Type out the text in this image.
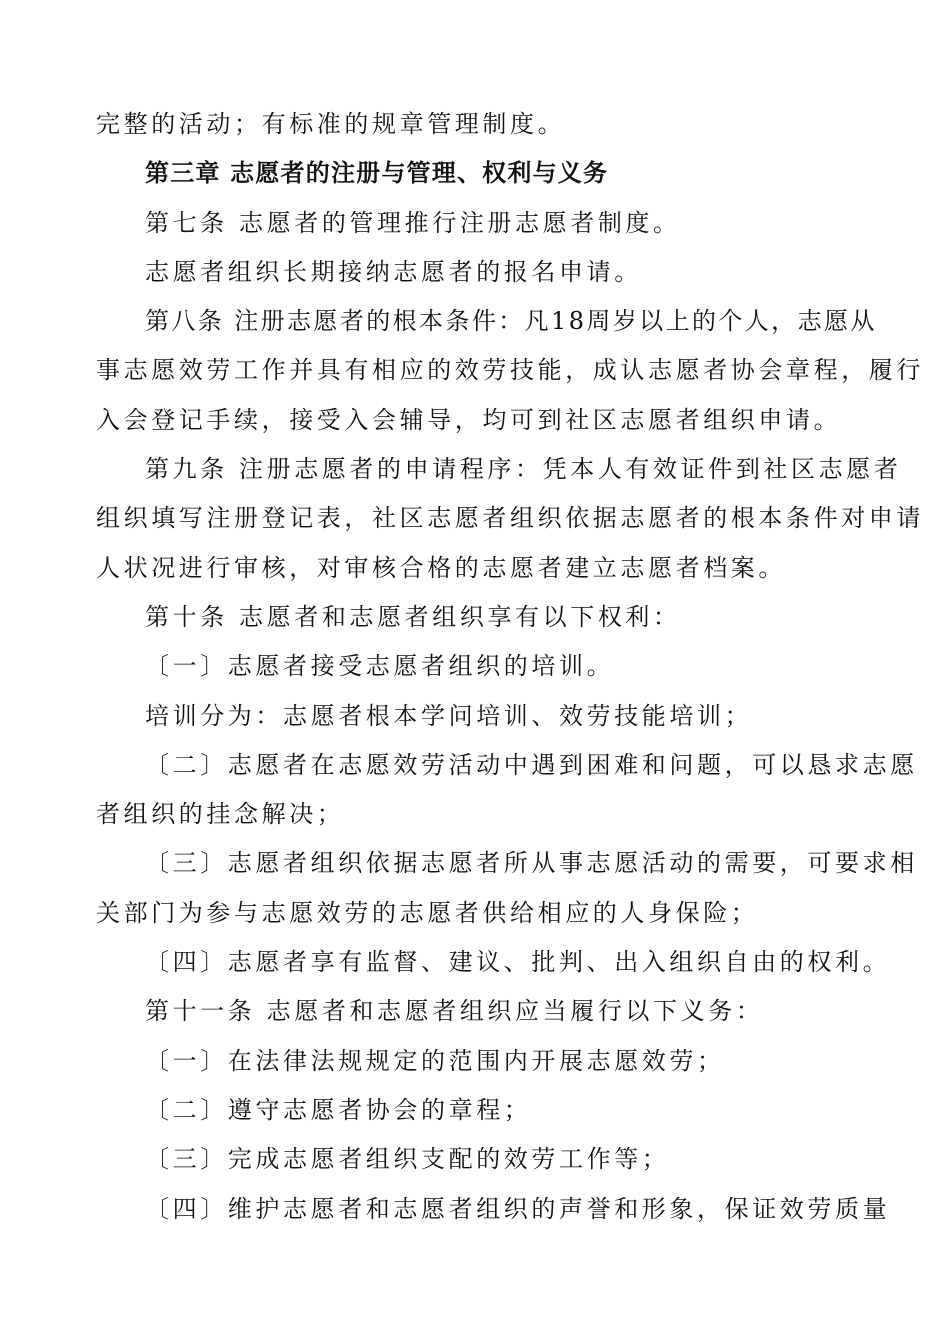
完整的活动；有标准的规章管理制度。
第三章 志愿者的注册与管理、权利与义务
第七条 志愿者的管理推行注册志愿者制度。
志愿者组织长期接纳志愿者的报名申请。
第八条 注册志愿者的根本条件：凡18周岁以上的个人，志愿从
事志愿效劳工作并具有相应的效劳技能，成认志愿者协会章程，履行
入会登记手续，接受入会辅导，均可到社区志愿者组织申请。
第九条 注册志愿者的申请程序：凭本人有效证件到社区志愿者
组织填写注册登记表，社区志愿者组织依据志愿者的根本条件对申请
人状况进行审核，对审核合格的志愿者建立志愿者档案。
第十条 志愿者和志愿者组织享有以下权利：
〔一〕志愿者接受志愿者组织的培训。
培训分为：志愿者根本学问培训、效劳技能培训；
〔二〕志愿者在志愿效劳活动中遇到困难和问题，可以恳求志愿
者组织的挂念解决；
〔三〕志愿者组织依据志愿者所从事志愿活动的需要，可要求相
关部门为参与志愿效劳的志愿者供给相应的人身保险；
〔四〕志愿者享有监督、建议、批判、出入组织自由的权利。
第十一条 志愿者和志愿者组织应当履行以下义务：
〔一〕在法律法规规定的范围内开展志愿效劳；
〔二〕遵守志愿者协会的章程；
〔三〕完成志愿者组织支配的效劳工作等；
〔四〕维护志愿者和志愿者组织的声誉和形象，保证效劳质量
